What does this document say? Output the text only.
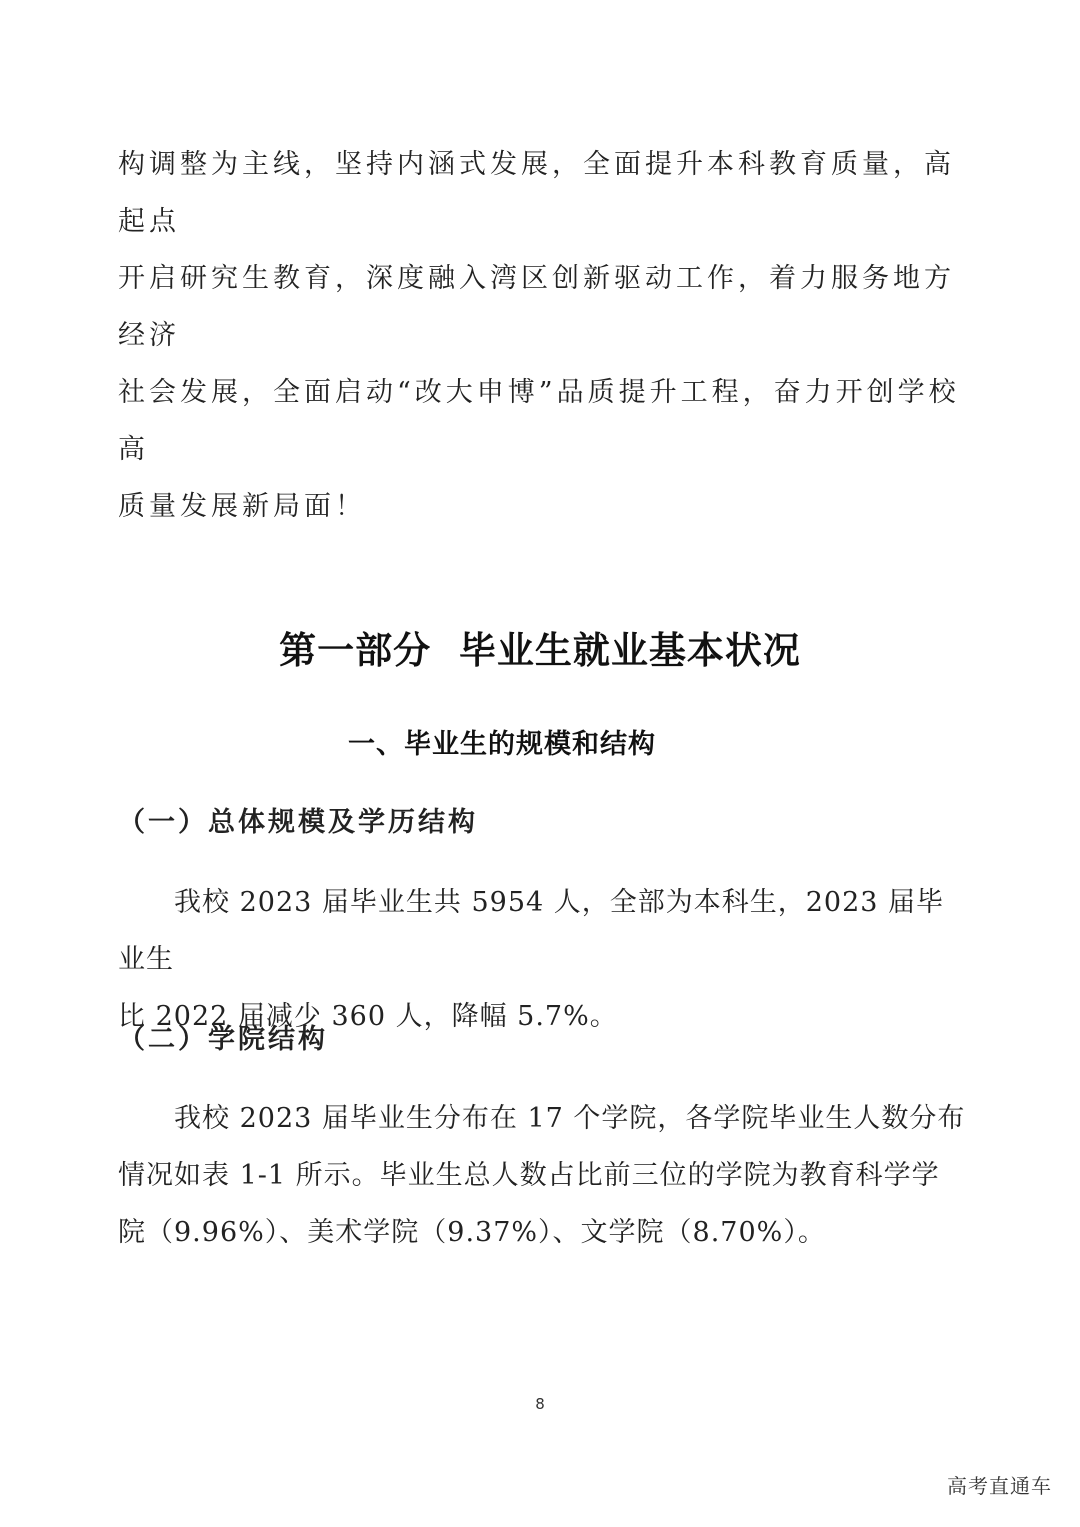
构调整为主线，坚持内涵式发展，全面提升本科教育质量，高起点

开启研究生教育，深度融入湾区创新驱动工作，着力服务地方经济

社会发展，全面启动“改大申博”品质提升工程，奋力开创学校高

质量发展新局面！

第一部分  毕业生就业基本状况
一、毕业生的规模和结构
（一）总体规模及学历结构

　　我校 2023 届毕业生共 5954 人，全部为本科生，2023 届毕业生

比 2022 届减少 360 人，降幅 5.7%。

（二）学院结构

　　我校 2023 届毕业生分布在 17 个学院，各学院毕业生人数分布

情况如表 1-1 所示。毕业生总人数占比前三位的学院为教育科学学

院（9.96%）、美术学院（9.37%）、文学院（8.70%）。

8
高考直通车
